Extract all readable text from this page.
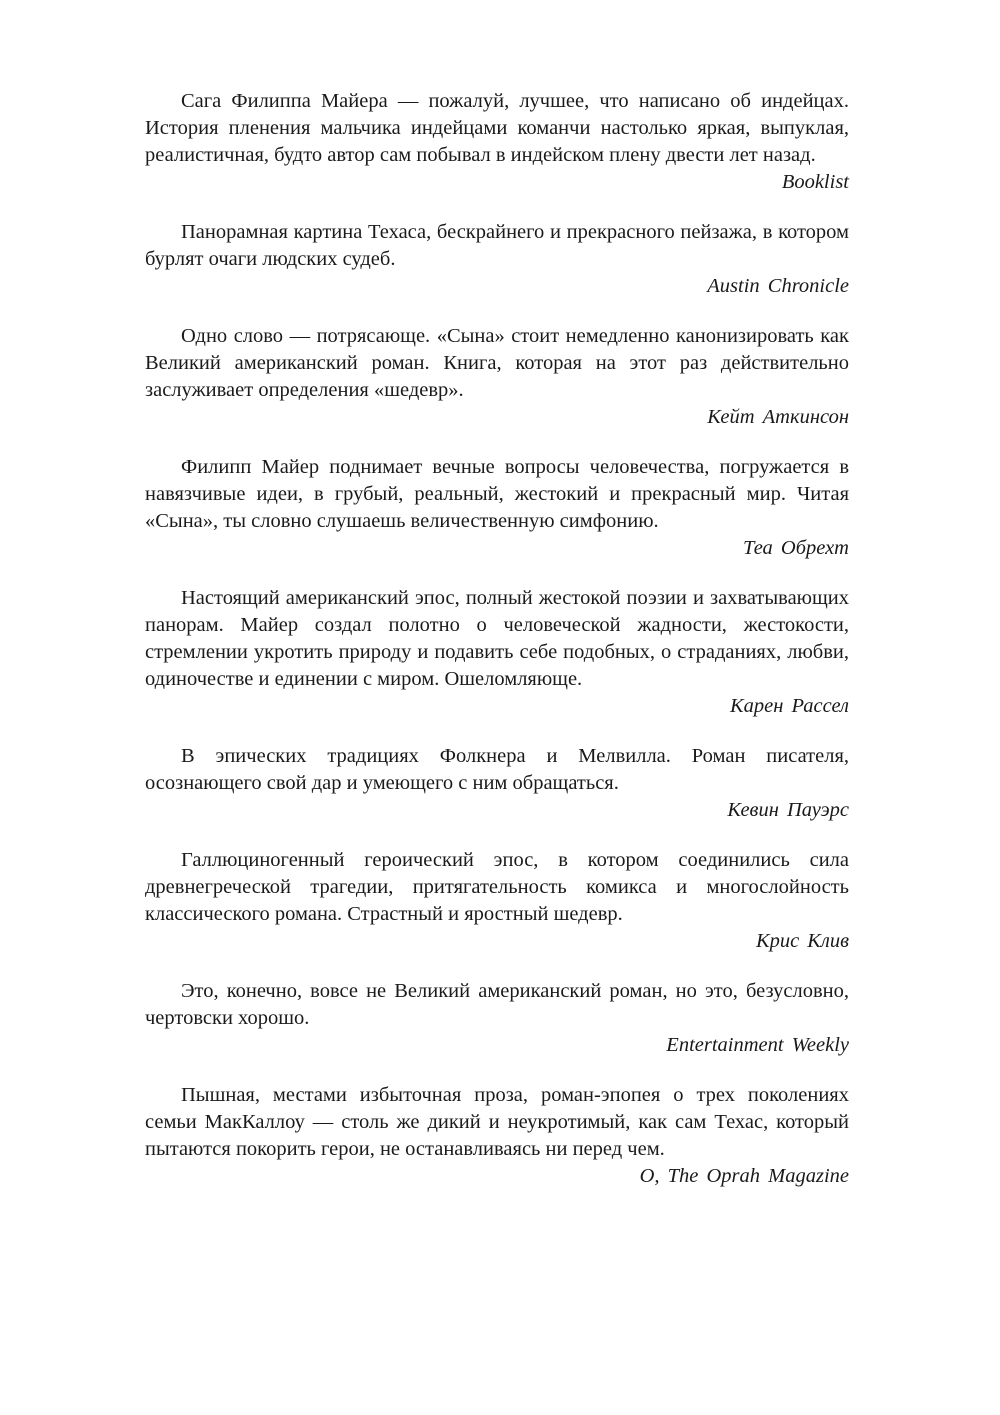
Сага Филиппа Майера — пожалуй, лучшее, что написано об индейцах. История пленения мальчика индейцами команчи настолько яркая, выпуклая, реалистичная, будто автор сам побывал в индейском плену двести лет назад.

Booklist

Панорамная картина Техаса, бескрайнего и прекрасного пейзажа, в котором бурлят очаги людских судеб.

Austin Chronicle

Одно слово — потрясающе. «Сына» стоит немедленно канонизировать как Великий американский роман. Книга, которая на этот раз действительно заслуживает определения «шедевр».

Кейт Аткинсон

Филипп Майер поднимает вечные вопросы человечества, погружается в навязчивые идеи, в грубый, реальный, жестокий и прекрасный мир. Читая «Сына», ты словно слушаешь величественную симфонию.

Теа Обрехт

Настоящий американский эпос, полный жестокой поэзии и захватывающих панорам. Майер создал полотно о человеческой жадности, жестокости, стремлении укротить природу и подавить себе подобных, о страданиях, любви, одиночестве и единении с миром. Ошеломляюще.

Карен Рассел

В эпических традициях Фолкнера и Мелвилла. Роман писателя, осознающего свой дар и умеющего с ним обращаться.

Кевин Пауэрс

Галлюциногенный героический эпос, в котором соединились сила древнегреческой трагедии, притягательность комикса и многослойность классического романа. Страстный и яростный шедевр.

Крис Клив

Это, конечно, вовсе не Великий американский роман, но это, безусловно, чертовски хорошо.

Entertainment Weekly

Пышная, местами избыточная проза, роман-эпопея о трех поколениях семьи МакКаллоу — столь же дикий и неукротимый, как сам Техас, который пытаются покорить герои, не останавливаясь ни перед чем.

O, The Oprah Magazine
